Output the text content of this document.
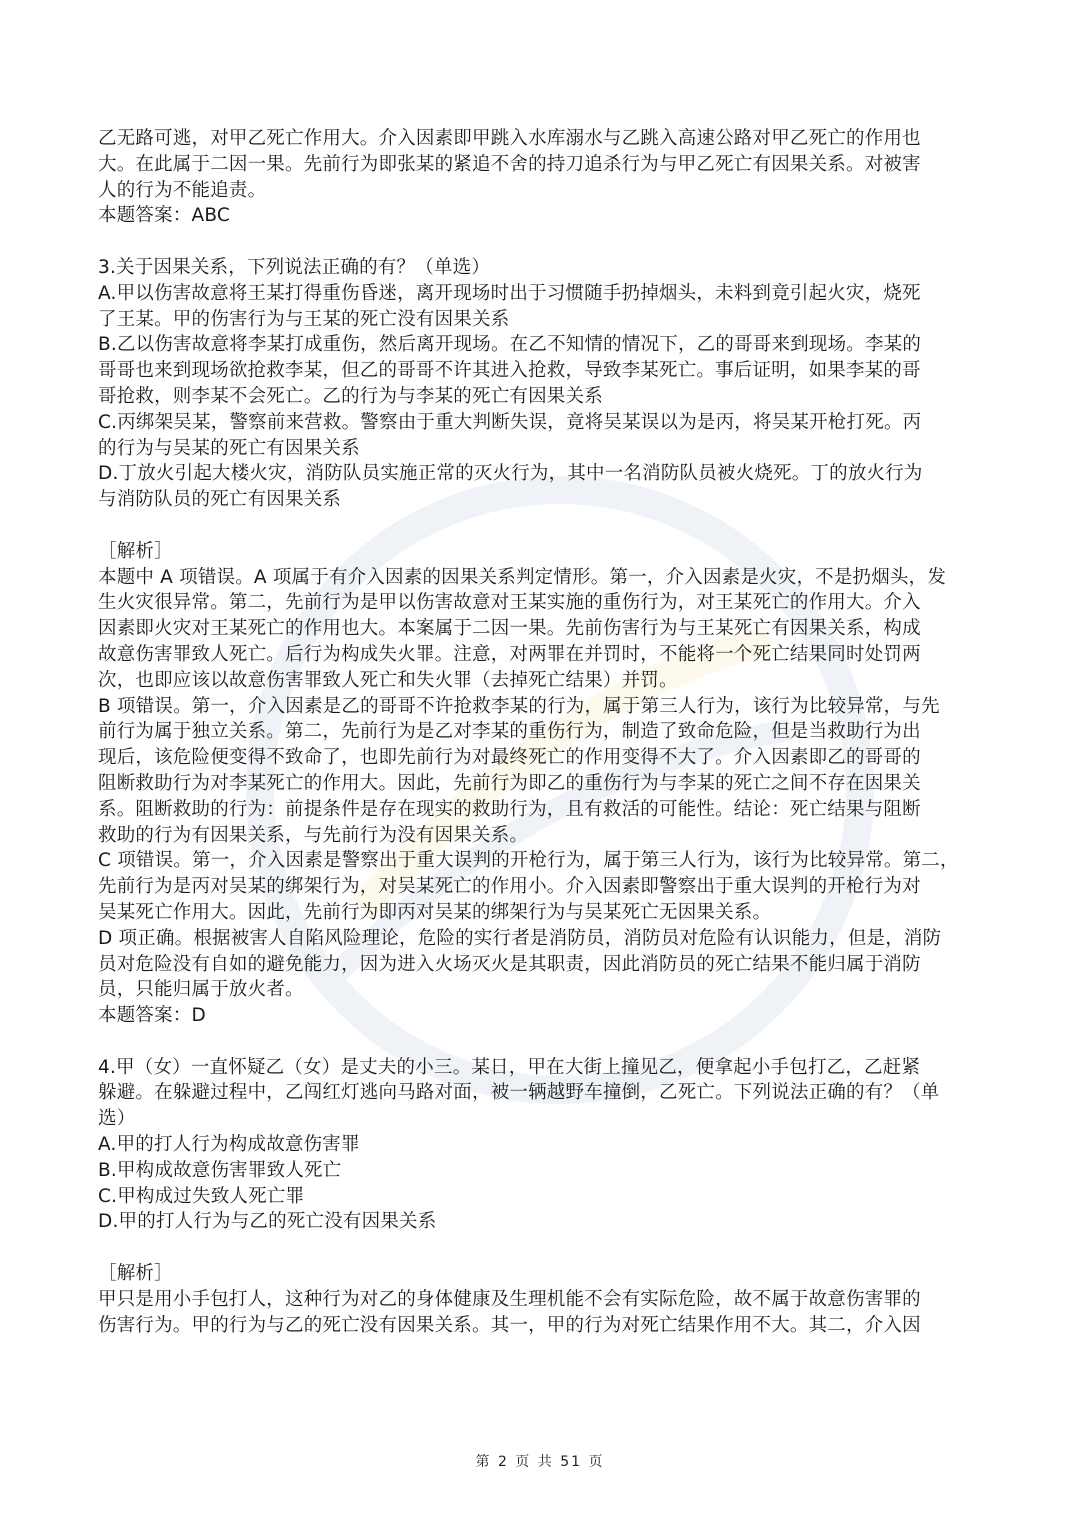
乙无路可逃，对甲乙死亡作用大。介入因素即甲跳入水库溺水与乙跳入高速公路对甲乙死亡的作用也
大。在此属于二因一果。先前行为即张某的紧追不舍的持刀追杀行为与甲乙死亡有因果关系。对被害
人的行为不能追责。
本题答案：ABC
3.关于因果关系，下列说法正确的有？（单选）
A.甲以伤害故意将王某打得重伤昏迷，离开现场时出于习惯随手扔掉烟头，未料到竟引起火灾，烧死
了王某。甲的伤害行为与王某的死亡没有因果关系
B.乙以伤害故意将李某打成重伤，然后离开现场。在乙不知情的情况下，乙的哥哥来到现场。李某的
哥哥也来到现场欲抢救李某，但乙的哥哥不许其进入抢救，导致李某死亡。事后证明，如果李某的哥
哥抢救，则李某不会死亡。乙的行为与李某的死亡有因果关系
C.丙绑架吴某，警察前来营救。警察由于重大判断失误，竟将吴某误以为是丙，将吴某开枪打死。丙
的行为与吴某的死亡有因果关系
D.丁放火引起大楼火灾，消防队员实施正常的灭火行为，其中一名消防队员被火烧死。丁的放火行为
与消防队员的死亡有因果关系
［解析］
本题中 A 项错误。A 项属于有介入因素的因果关系判定情形。第一，介入因素是火灾，不是扔烟头，发
生火灾很异常。第二，先前行为是甲以伤害故意对王某实施的重伤行为，对王某死亡的作用大。介入
因素即火灾对王某死亡的作用也大。本案属于二因一果。先前伤害行为与王某死亡有因果关系，构成
故意伤害罪致人死亡。后行为构成失火罪。注意，对两罪在并罚时，不能将一个死亡结果同时处罚两
次，也即应该以故意伤害罪致人死亡和失火罪（去掉死亡结果）并罚。
B 项错误。第一，介入因素是乙的哥哥不许抢救李某的行为，属于第三人行为，该行为比较异常，与先
前行为属于独立关系。第二，先前行为是乙对李某的重伤行为，制造了致命危险，但是当救助行为出
现后，该危险便变得不致命了，也即先前行为对最终死亡的作用变得不大了。介入因素即乙的哥哥的
阻断救助行为对李某死亡的作用大。因此，先前行为即乙的重伤行为与李某的死亡之间不存在因果关
系。阻断救助的行为：前提条件是存在现实的救助行为，且有救活的可能性。结论：死亡结果与阻断
救助的行为有因果关系，与先前行为没有因果关系。
C 项错误。第一，介入因素是警察出于重大误判的开枪行为，属于第三人行为，该行为比较异常。第二，
先前行为是丙对吴某的绑架行为，对吴某死亡的作用小。介入因素即警察出于重大误判的开枪行为对
吴某死亡作用大。因此，先前行为即丙对吴某的绑架行为与吴某死亡无因果关系。
D 项正确。根据被害人自陷风险理论，危险的实行者是消防员，消防员对危险有认识能力，但是，消防
员对危险没有自如的避免能力，因为进入火场灭火是其职责，因此消防员的死亡结果不能归属于消防
员，只能归属于放火者。
本题答案：D
4.甲（女）一直怀疑乙（女）是丈夫的小三。某日，甲在大街上撞见乙，便拿起小手包打乙，乙赶紧
躲避。在躲避过程中，乙闯红灯逃向马路对面，被一辆越野车撞倒，乙死亡。下列说法正确的有？（单
选）
A.甲的打人行为构成故意伤害罪
B.甲构成故意伤害罪致人死亡
C.甲构成过失致人死亡罪
D.甲的打人行为与乙的死亡没有因果关系
［解析］
甲只是用小手包打人，这种行为对乙的身体健康及生理机能不会有实际危险，故不属于故意伤害罪的
伤害行为。甲的行为与乙的死亡没有因果关系。其一，甲的行为对死亡结果作用不大。其二，介入因
第 2 页 共 51 页
